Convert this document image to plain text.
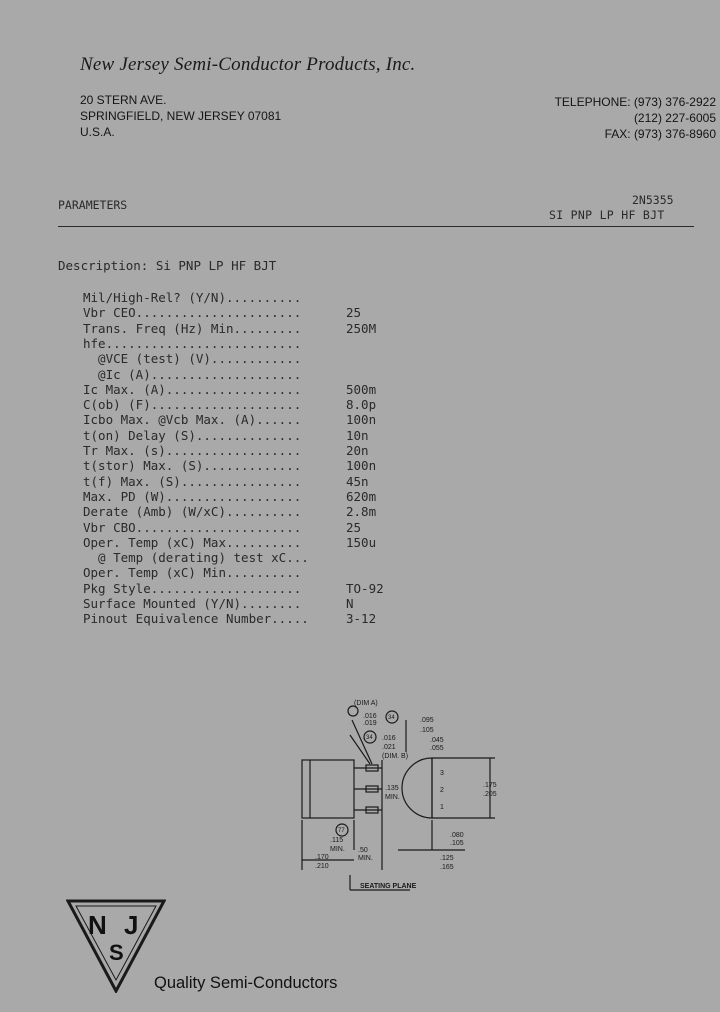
New Jersey Semi-Conductor Products, Inc.
20 STERN AVE.
SPRINGFIELD, NEW JERSEY 07081
U.S.A.
TELEPHONE: (973) 376-2922
(212) 227-6005
FAX: (973) 376-8960
PARAMETERS	2N5355
SI PNP LP HF BJT
Description: Si PNP LP HF BJT
Mil/High-Rel? (Y/N)..........
Vbr CEO......................	25
Trans. Freq (Hz) Min.........	250M
hfe..........................
@VCE (test) (V)............
@Ic (A)....................
Ic Max. (A)..................	500m
C(ob) (F)....................	8.0p
Icbo Max. @Vcb Max. (A)......	100n
t(on) Delay (S)..............	10n
Tr Max. (s)..................	20n
t(stor) Max. (S).............	100n
t(f) Max. (S)................	45n
Max. PD (W)..................	620m
Derate (Amb) (W/xC)..........	2.8m
Vbr CBO......................	25
Oper. Temp (xC) Max..........	150u
@ Temp (derating) test xC...
Oper. Temp (xC) Min..........
Pkg Style....................	TO-92
Surface Mounted (Y/N)........	N
Pinout Equivalence Number.....	3-12
(DIM A)
.016
.019
34
34
.095
.105
.016
.021
(DIM. B)
.045
.055
.135
MIN.
3
2
1
.175
.205
77
.115
MIN. .50
MIN.
.080
.105
.125
.165
.170
.210
SEATING PLANE
N J
S
Quality Semi-Conductors
